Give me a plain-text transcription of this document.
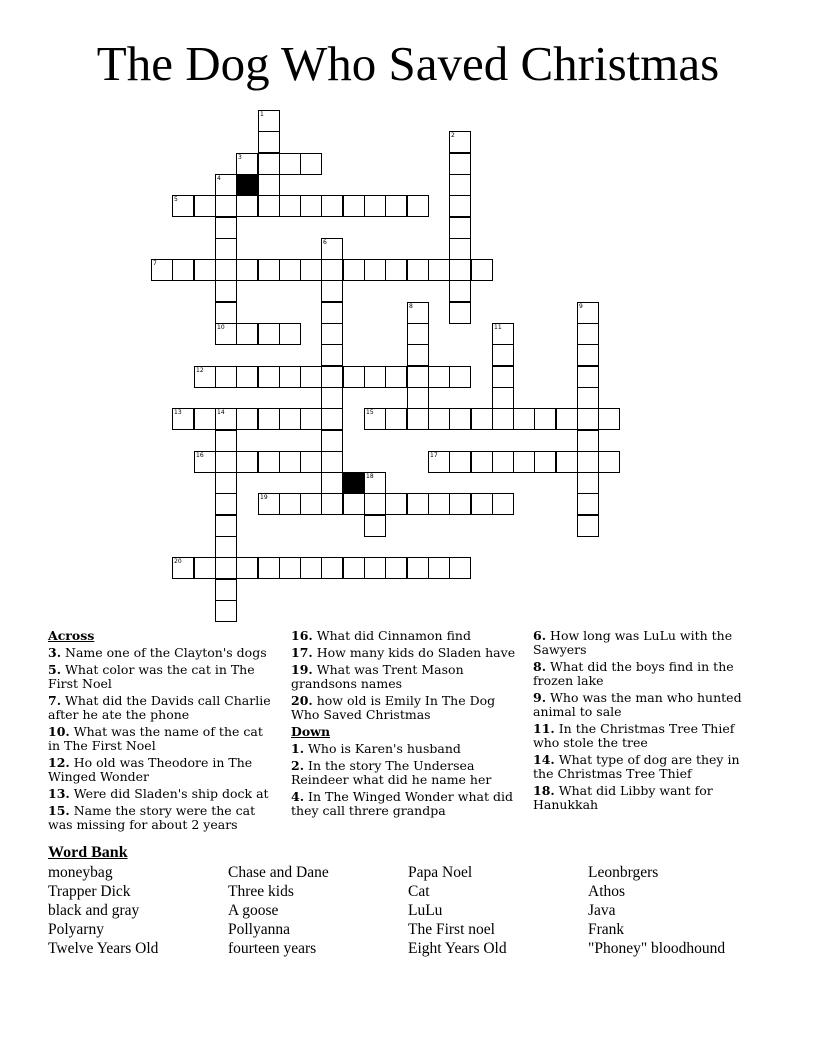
The Dog Who Saved Christmas
1
2
3
4
10
5
6
7
8	9
11
12
13	14	15
16	17
18
19
20
Across
3. Name one of the Clayton's dogs
5. What color was the cat in The First Noel
7. What did the Davids call Charlie after he ate the phone
10. What was the name of the cat in The First Noel
12. Ho old was Theodore in The Winged Wonder
13. Were did Sladen's ship dock at
15. Name the story were the cat was missing for about 2 years
16. What did Cinnamon find
17. How many kids do Sladen have
19. What was Trent Mason grandsons names
20. how old is Emily In The Dog Who Saved Christmas
Down
1. Who is Karen's husband
2. In the story The Undersea Reindeer what did he name her
4. In The Winged Wonder what did they call threre grandpa
6. How long was LuLu with the Sawyers
8. What did the boys find in the frozen lake
9. Who was the man who hunted animal to sale
11. In the Christmas Tree Thief who stole the tree
14. What type of dog are they in the Christmas Tree Thief
18. What did Libby want for Hanukkah
Word Bank
moneybag
Trapper Dick
black and gray
Polyarny
Twelve Years Old
Chase and Dane
Three kids
A goose
Pollyanna
fourteen years
Papa Noel
Cat
LuLu
The First noel
Eight Years Old
Leonbrgers
Athos
Java
Frank
"Phoney" bloodhound
